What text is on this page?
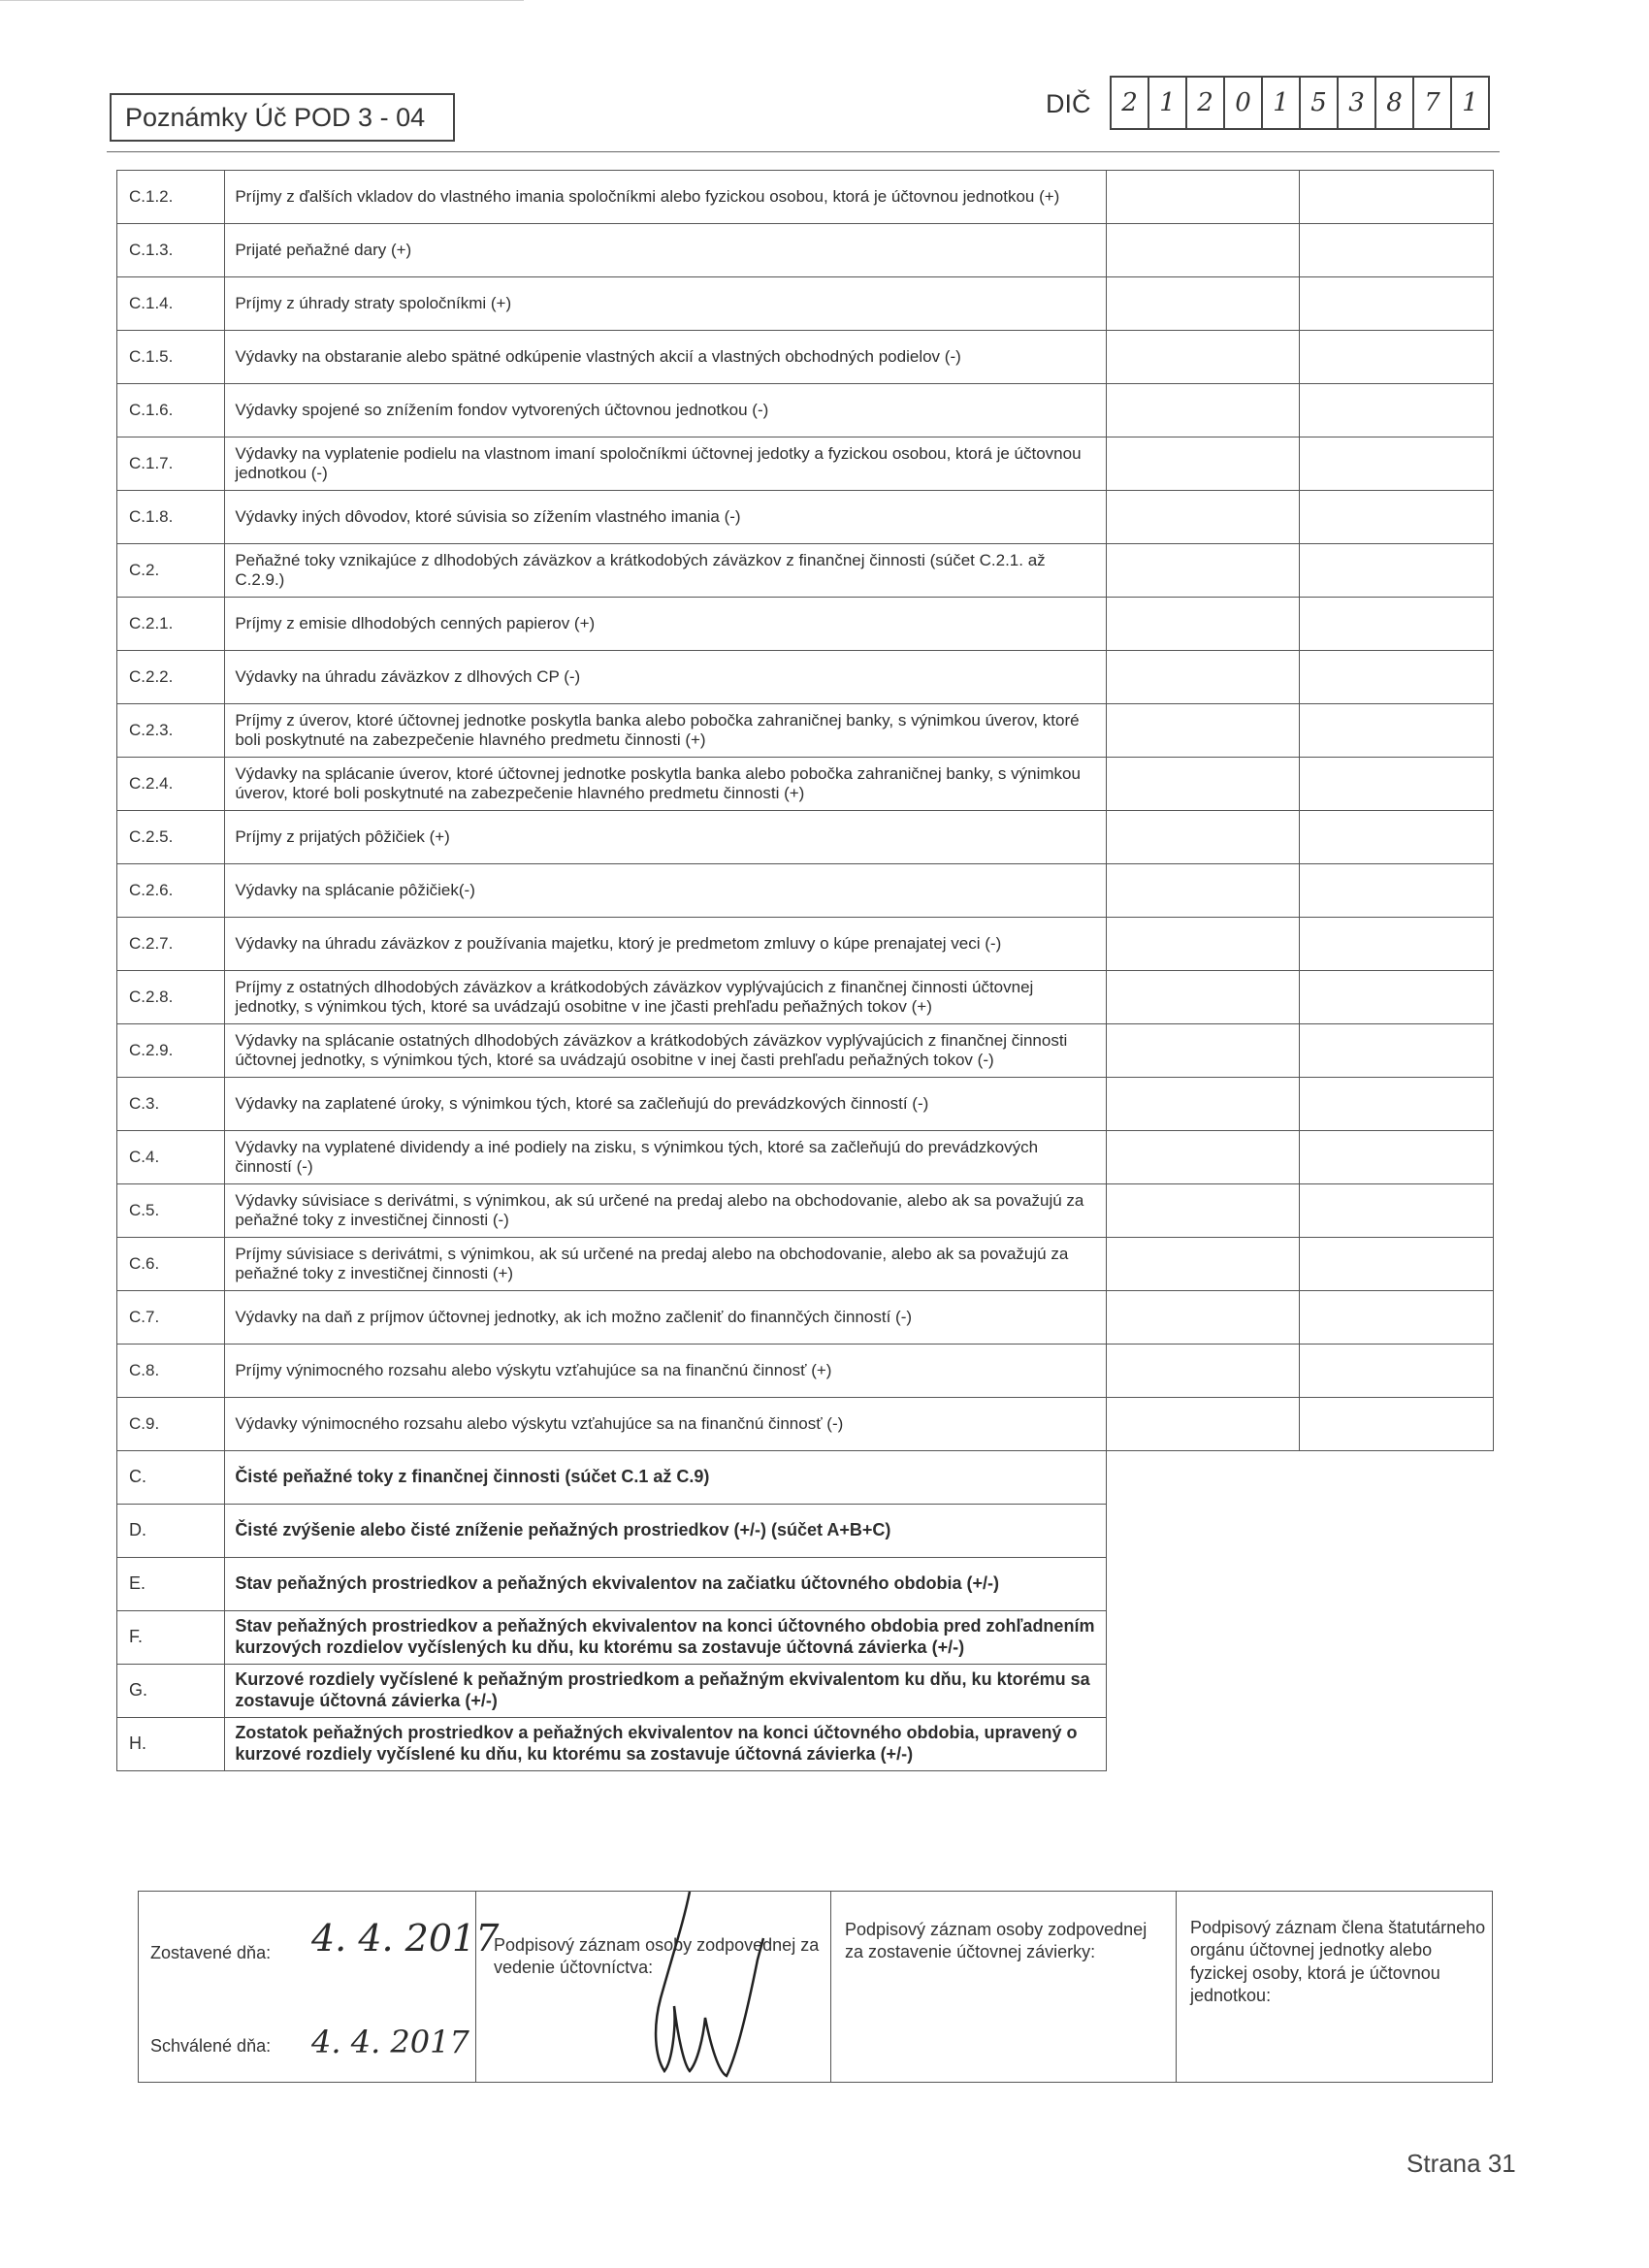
Poznámky Úč POD 3 - 04	DIČ	2 1 2 0 1 5 3 8 7 1
C.1.2.	Príjmy z ďalších vkladov do vlastného imania spoločníkmi alebo fyzickou osobou, ktorá je účtovnou jednotkou (+)		
C.1.3.	Prijaté peňažné dary (+)		
C.1.4.	Príjmy z úhrady straty spoločníkmi (+)		
C.1.5.	Výdavky na obstaranie alebo spätné odkúpenie vlastných akcií a vlastných obchodných podielov (-)		
C.1.6.	Výdavky spojené so znížením fondov vytvorených účtovnou jednotkou (-)		
C.1.7.	Výdavky na vyplatenie podielu na vlastnom imaní spoločníkmi účtovnej jedotky a fyzickou osobou, ktorá je účtovnou jednotkou (-)		
C.1.8.	Výdavky iných dôvodov, ktoré súvisia so zížením vlastného imania (-)		
C.2.	Peňažné toky vznikajúce z dlhodobých záväzkov a krátkodobých záväzkov z finančnej činnosti (súčet C.2.1. až C.2.9.)		
C.2.1.	Príjmy z emisie dlhodobých cenných papierov (+)		
C.2.2.	Výdavky na úhradu záväzkov z dlhových CP (-)		
C.2.3.	Príjmy z úverov, ktoré účtovnej jednotke poskytla banka alebo pobočka zahraničnej banky, s výnimkou úverov, ktoré boli poskytnuté na zabezpečenie hlavného predmetu činnosti (+)		
C.2.4.	Výdavky na splácanie úverov, ktoré účtovnej jednotke poskytla banka alebo pobočka zahraničnej banky, s výnimkou úverov, ktoré boli poskytnuté na zabezpečenie hlavného predmetu činnosti (+)		
C.2.5.	Príjmy z prijatých pôžičiek (+)		
C.2.6.	Výdavky na splácanie pôžičiek(-)		
C.2.7.	Výdavky na úhradu záväzkov z používania majetku, ktorý je predmetom zmluvy o kúpe prenajatej veci (-)		
C.2.8.	Príjmy z ostatných dlhodobých záväzkov a krátkodobých záväzkov vyplývajúcich z finančnej činnosti účtovnej jednotky, s výnimkou tých, ktoré sa uvádzajú osobitne v ine jčasti prehľadu peňažných tokov (+)		
C.2.9.	Výdavky na splácanie ostatných dlhodobých záväzkov a krátkodobých záväzkov vyplývajúcich z finančnej činnosti účtovnej jednotky, s výnimkou tých, ktoré sa uvádzajú osobitne v inej časti prehľadu peňažných tokov (-)		
C.3.	Výdavky na zaplatené úroky, s výnimkou tých, ktoré sa začleňujú do prevádzkových činností (-)		
C.4.	Výdavky na vyplatené dividendy a iné podiely na zisku, s výnimkou tých, ktoré sa začleňujú do prevádzkových činností (-)		
C.5.	Výdavky súvisiace s derivátmi, s výnimkou, ak sú určené na predaj alebo na obchodovanie, alebo ak sa považujú za peňažné toky z investičnej činnosti (-)		
C.6.	Príjmy súvisiace s derivátmi, s výnimkou, ak sú určené na predaj alebo na obchodovanie, alebo ak sa považujú za peňažné toky z investičnej činnosti (+)		
C.7.	Výdavky na daň z príjmov účtovnej jednotky, ak ich možno začleniť do finannčých činností (-)		
C.8.	Príjmy výnimocného rozsahu alebo výskytu vzťahujúce sa na finančnú činnosť (+)		
C.9.	Výdavky výnimocného rozsahu alebo výskytu vzťahujúce sa na finančnú činnosť (-)		
C.	Čisté peňažné toky z finančnej činnosti (súčet C.1 až C.9)		
D.	Čisté zvýšenie alebo čisté zníženie peňažných prostriedkov (+/-) (súčet A+B+C)		
E.	Stav peňažných prostriedkov a peňažných ekvivalentov na začiatku účtovného obdobia (+/-)		
F.	Stav peňažných prostriedkov a peňažných ekvivalentov na konci účtovného obdobia pred zohľadnením kurzových rozdielov vyčíslených ku dňu, ku ktorému sa zostavuje účtovná závierka (+/-)		
G.	Kurzové rozdiely vyčíslené k peňažným prostriedkom a peňažným ekvivalentom ku dňu, ku ktorému sa zostavuje účtovná závierka (+/-)		
H.	Zostatok peňažných prostriedkov a peňažných ekvivalentov na konci účtovného obdobia, upravený o kurzové rozdiely vyčíslené ku dňu, ku ktorému sa zostavuje účtovná závierka (+/-)		
Zostavené dňa: 4. 4. 2017
Schválené dňa: 4. 4. 2017
Podpisový záznam osoby zodpovednej za vedenie účtovníctva:
Podpisový záznam osoby zodpovednej za zostavenie účtovnej závierky:
Podpisový záznam člena štatutárneho orgánu účtovnej jednotky alebo fyzickej osoby, ktorá je účtovnou jednotkou:
Strana 31
